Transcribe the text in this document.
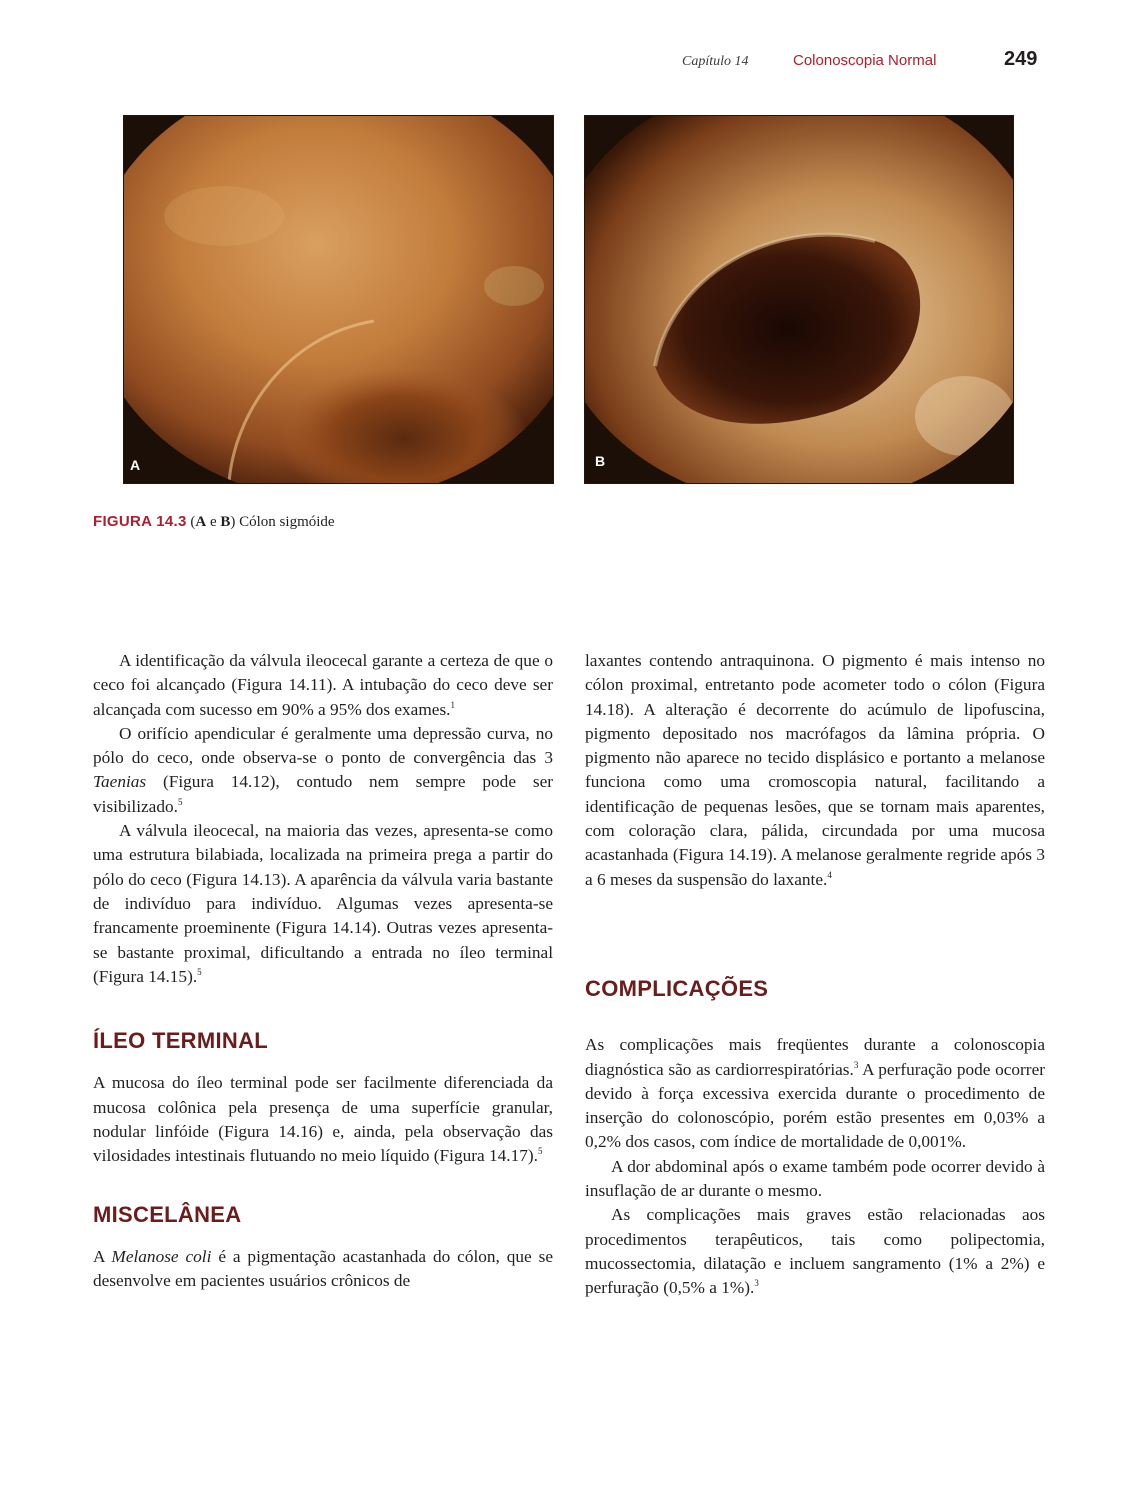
Capítulo 14	Colonoscopia Normal	249
A	B
FIGURA 14.3 (A e B) Cólon sigmóide

A identificação da válvula ileocecal garante a certeza de que o ceco foi alcançado (Figura 14.11). A intubação do ceco deve ser alcançada com sucesso em 90% a 95% dos exames.$^1$

O orifício apendicular é geralmente uma depressão curva, no pólo do ceco, onde observa-se o ponto de convergência das 3 Taenias (Figura 14.12), contudo nem sempre pode ser visibilizado.$^5$

A válvula ileocecal, na maioria das vezes, apresenta-se como uma estrutura bilabiada, localizada na primeira prega a partir do pólo do ceco (Figura 14.13). A aparência da válvula varia bastante de indivíduo para indivíduo. Algumas vezes apresenta-se francamente proeminente (Figura 14.14). Outras vezes apresenta-se bastante proximal, dificultando a entrada no íleo terminal (Figura 14.15).$^5$

ÍLEO TERMINAL

A mucosa do íleo terminal pode ser facilmente diferenciada da mucosa colônica pela presença de uma superfície granular, nodular linfóide (Figura 14.16) e, ainda, pela observação das vilosidades intestinais flutuando no meio líquido (Figura 14.17).$^5$

MISCELÂNEA

A Melanose coli é a pigmentação acastanhada do cólon, que se desenvolve em pacientes usuários crônicos de

laxantes contendo antraquinona. O pigmento é mais intenso no cólon proximal, entretanto pode acometer todo o cólon (Figura 14.18). A alteração é decorrente do acúmulo de lipofuscina, pigmento depositado nos macrófagos da lâmina própria. O pigmento não aparece no tecido displásico e portanto a melanose funciona como uma cromoscopia natural, facilitando a identificação de pequenas lesões, que se tornam mais aparentes, com coloração clara, pálida, circundada por uma mucosa acastanhada (Figura 14.19). A melanose geralmente regride após 3 a 6 meses da suspensão do laxante.$^4$

COMPLICAÇÕES

As complicações mais freqüentes durante a colonoscopia diagnóstica são as cardiorrespiratórias.$^3$ A perfuração pode ocorrer devido à força excessiva exercida durante o procedimento de inserção do colonoscópio, porém estão presentes em 0,03% a 0,2% dos casos, com índice de mortalidade de 0,001%.

A dor abdominal após o exame também pode ocorrer devido à insuflação de ar durante o mesmo.

As complicações mais graves estão relacionadas aos procedimentos terapêuticos, tais como polipectomia, mucossectomia, dilatação e incluem sangramento (1% a 2%) e perfuração (0,5% a 1%).$^3$
